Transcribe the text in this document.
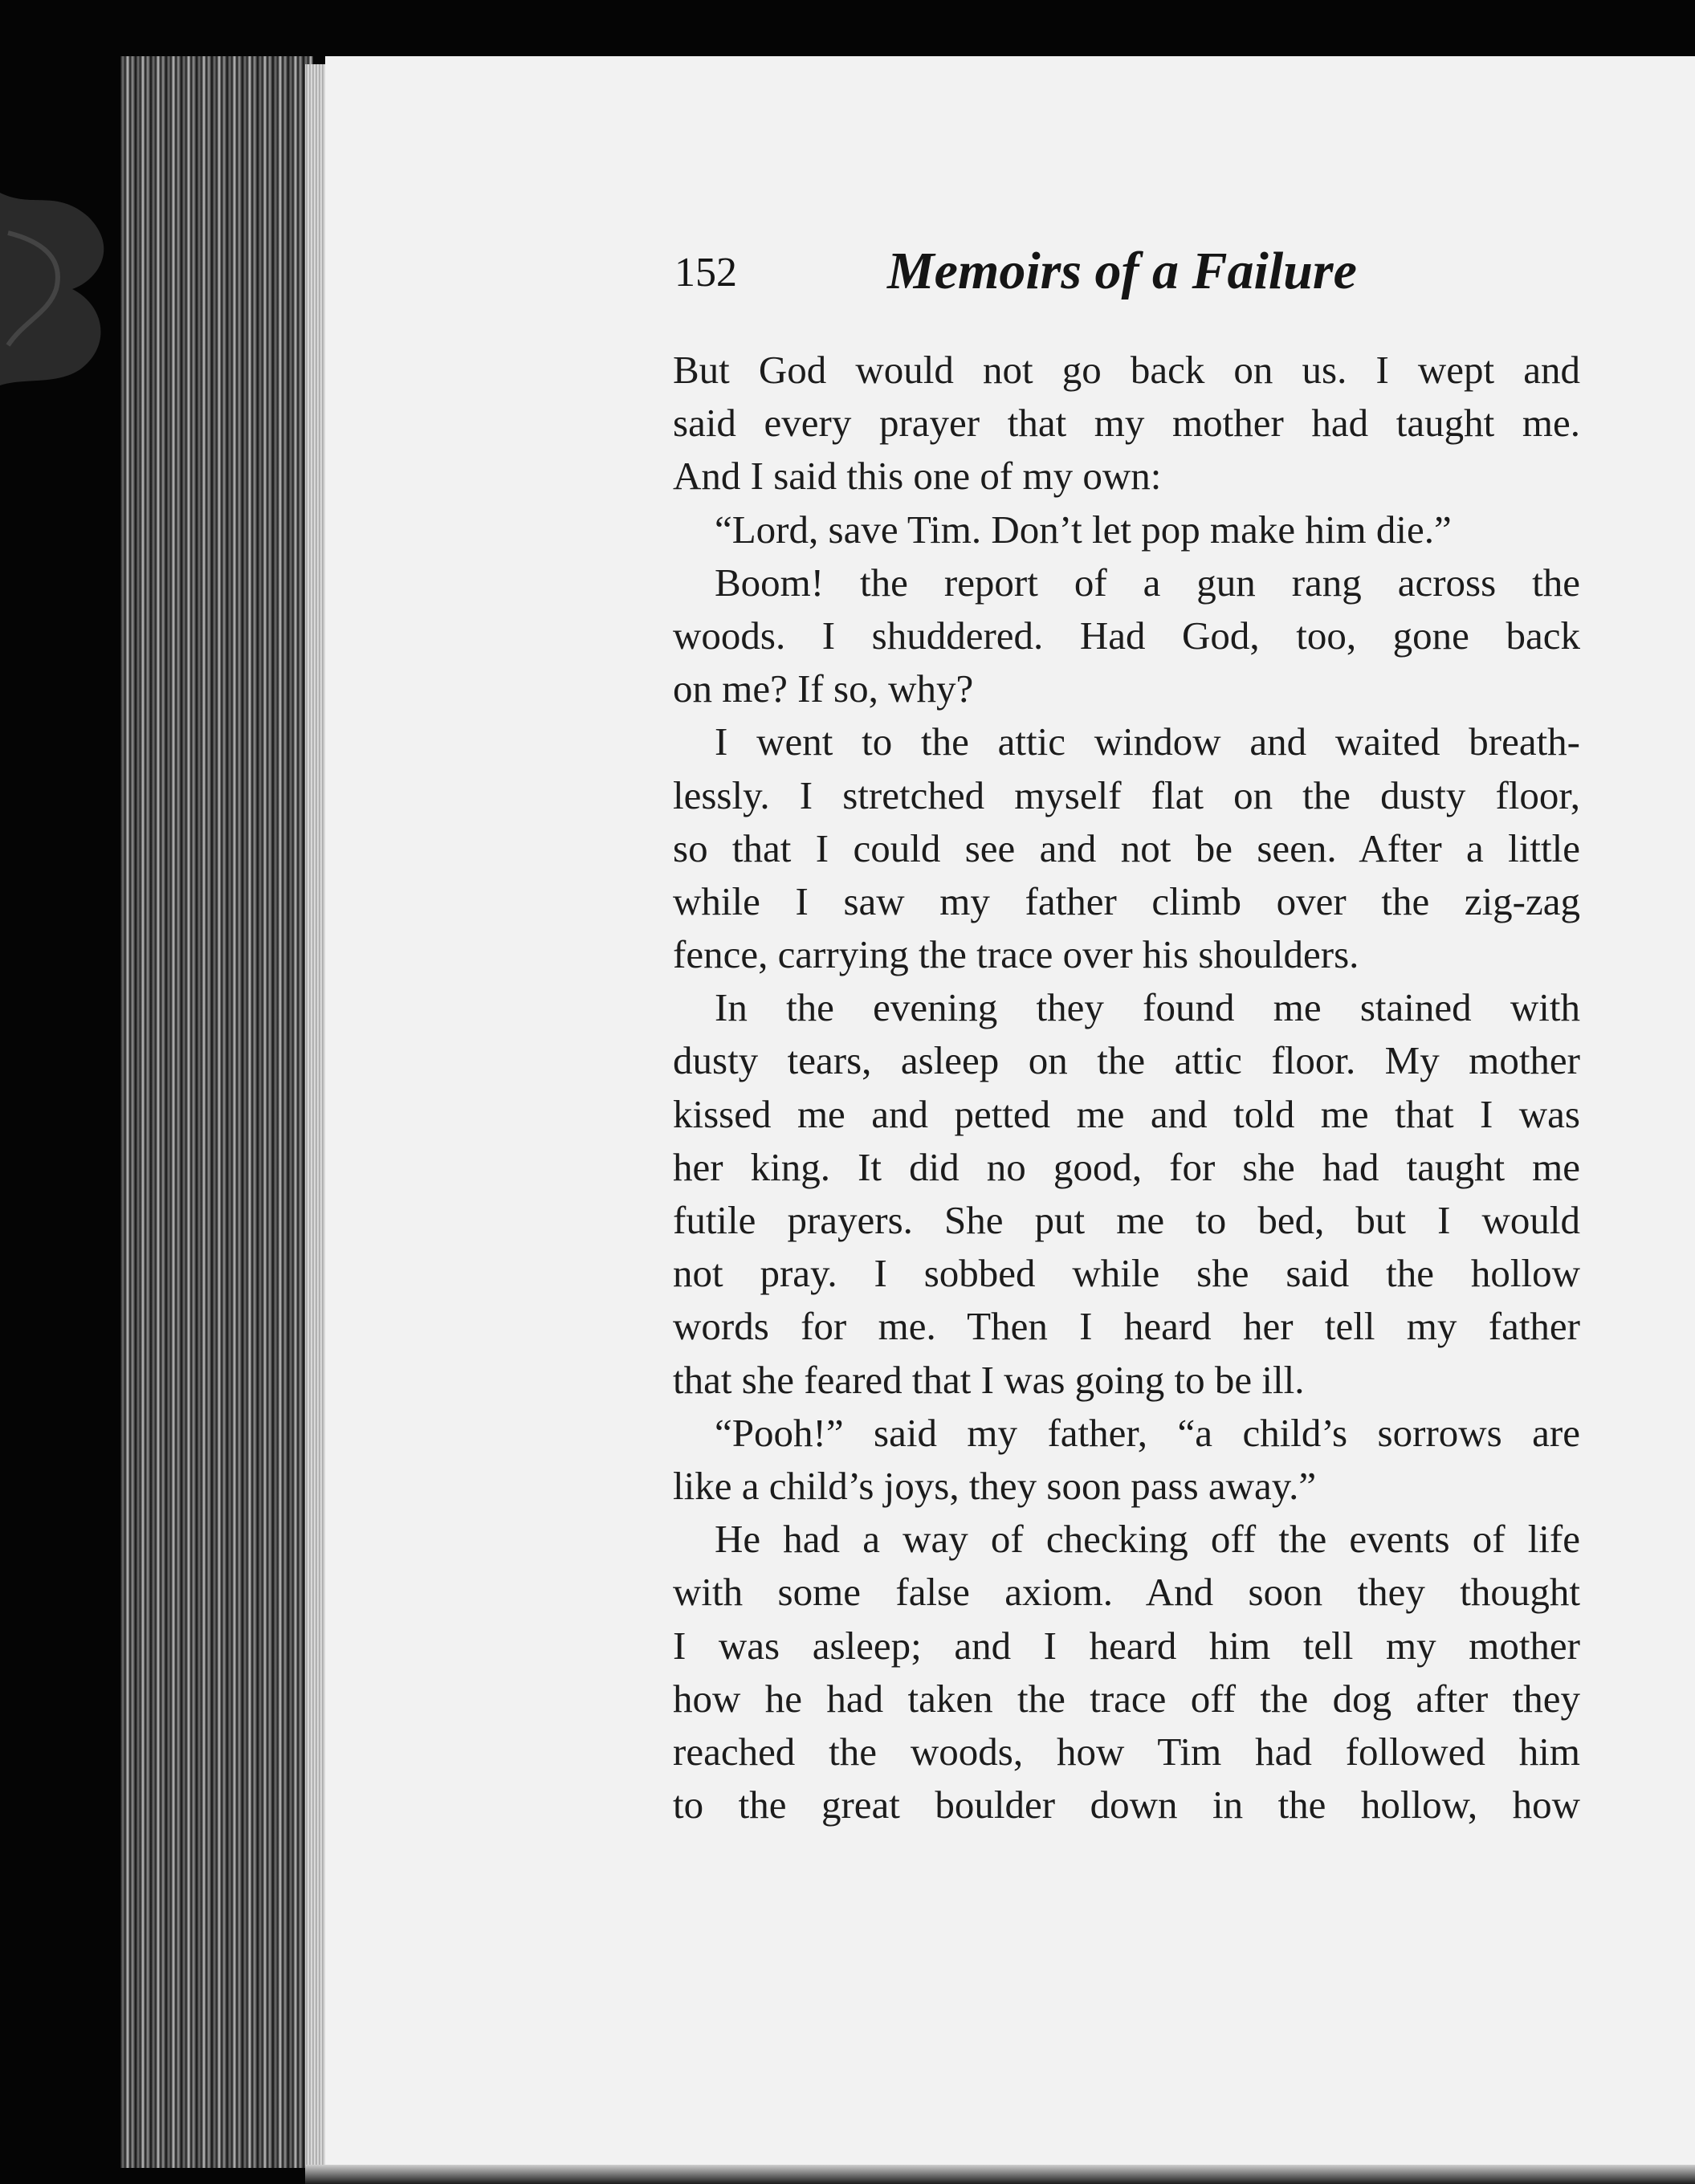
152	Memoirs of a Failure
But God would not go back on us. I wept and
said every prayer that my mother had taught me.
And I said this one of my own:
“Lord, save Tim. Don’t let pop make him die.”
Boom! the report of a gun rang across the
woods. I shuddered. Had God, too, gone back
on me? If so, why?
I went to the attic window and waited breath-
lessly. I stretched myself flat on the dusty floor,
so that I could see and not be seen. After a little
while I saw my father climb over the zig-zag
fence, carrying the trace over his shoulders.
In the evening they found me stained with
dusty tears, asleep on the attic floor. My mother
kissed me and petted me and told me that I was
her king. It did no good, for she had taught me
futile prayers. She put me to bed, but I would
not pray. I sobbed while she said the hollow
words for me. Then I heard her tell my father
that she feared that I was going to be ill.
“Pooh!” said my father, “a child’s sorrows are
like a child’s joys, they soon pass away.”
He had a way of checking off the events of life
with some false axiom. And soon they thought
I was asleep; and I heard him tell my mother
how he had taken the trace off the dog after they
reached the woods, how Tim had followed him
to the great boulder down in the hollow, how
